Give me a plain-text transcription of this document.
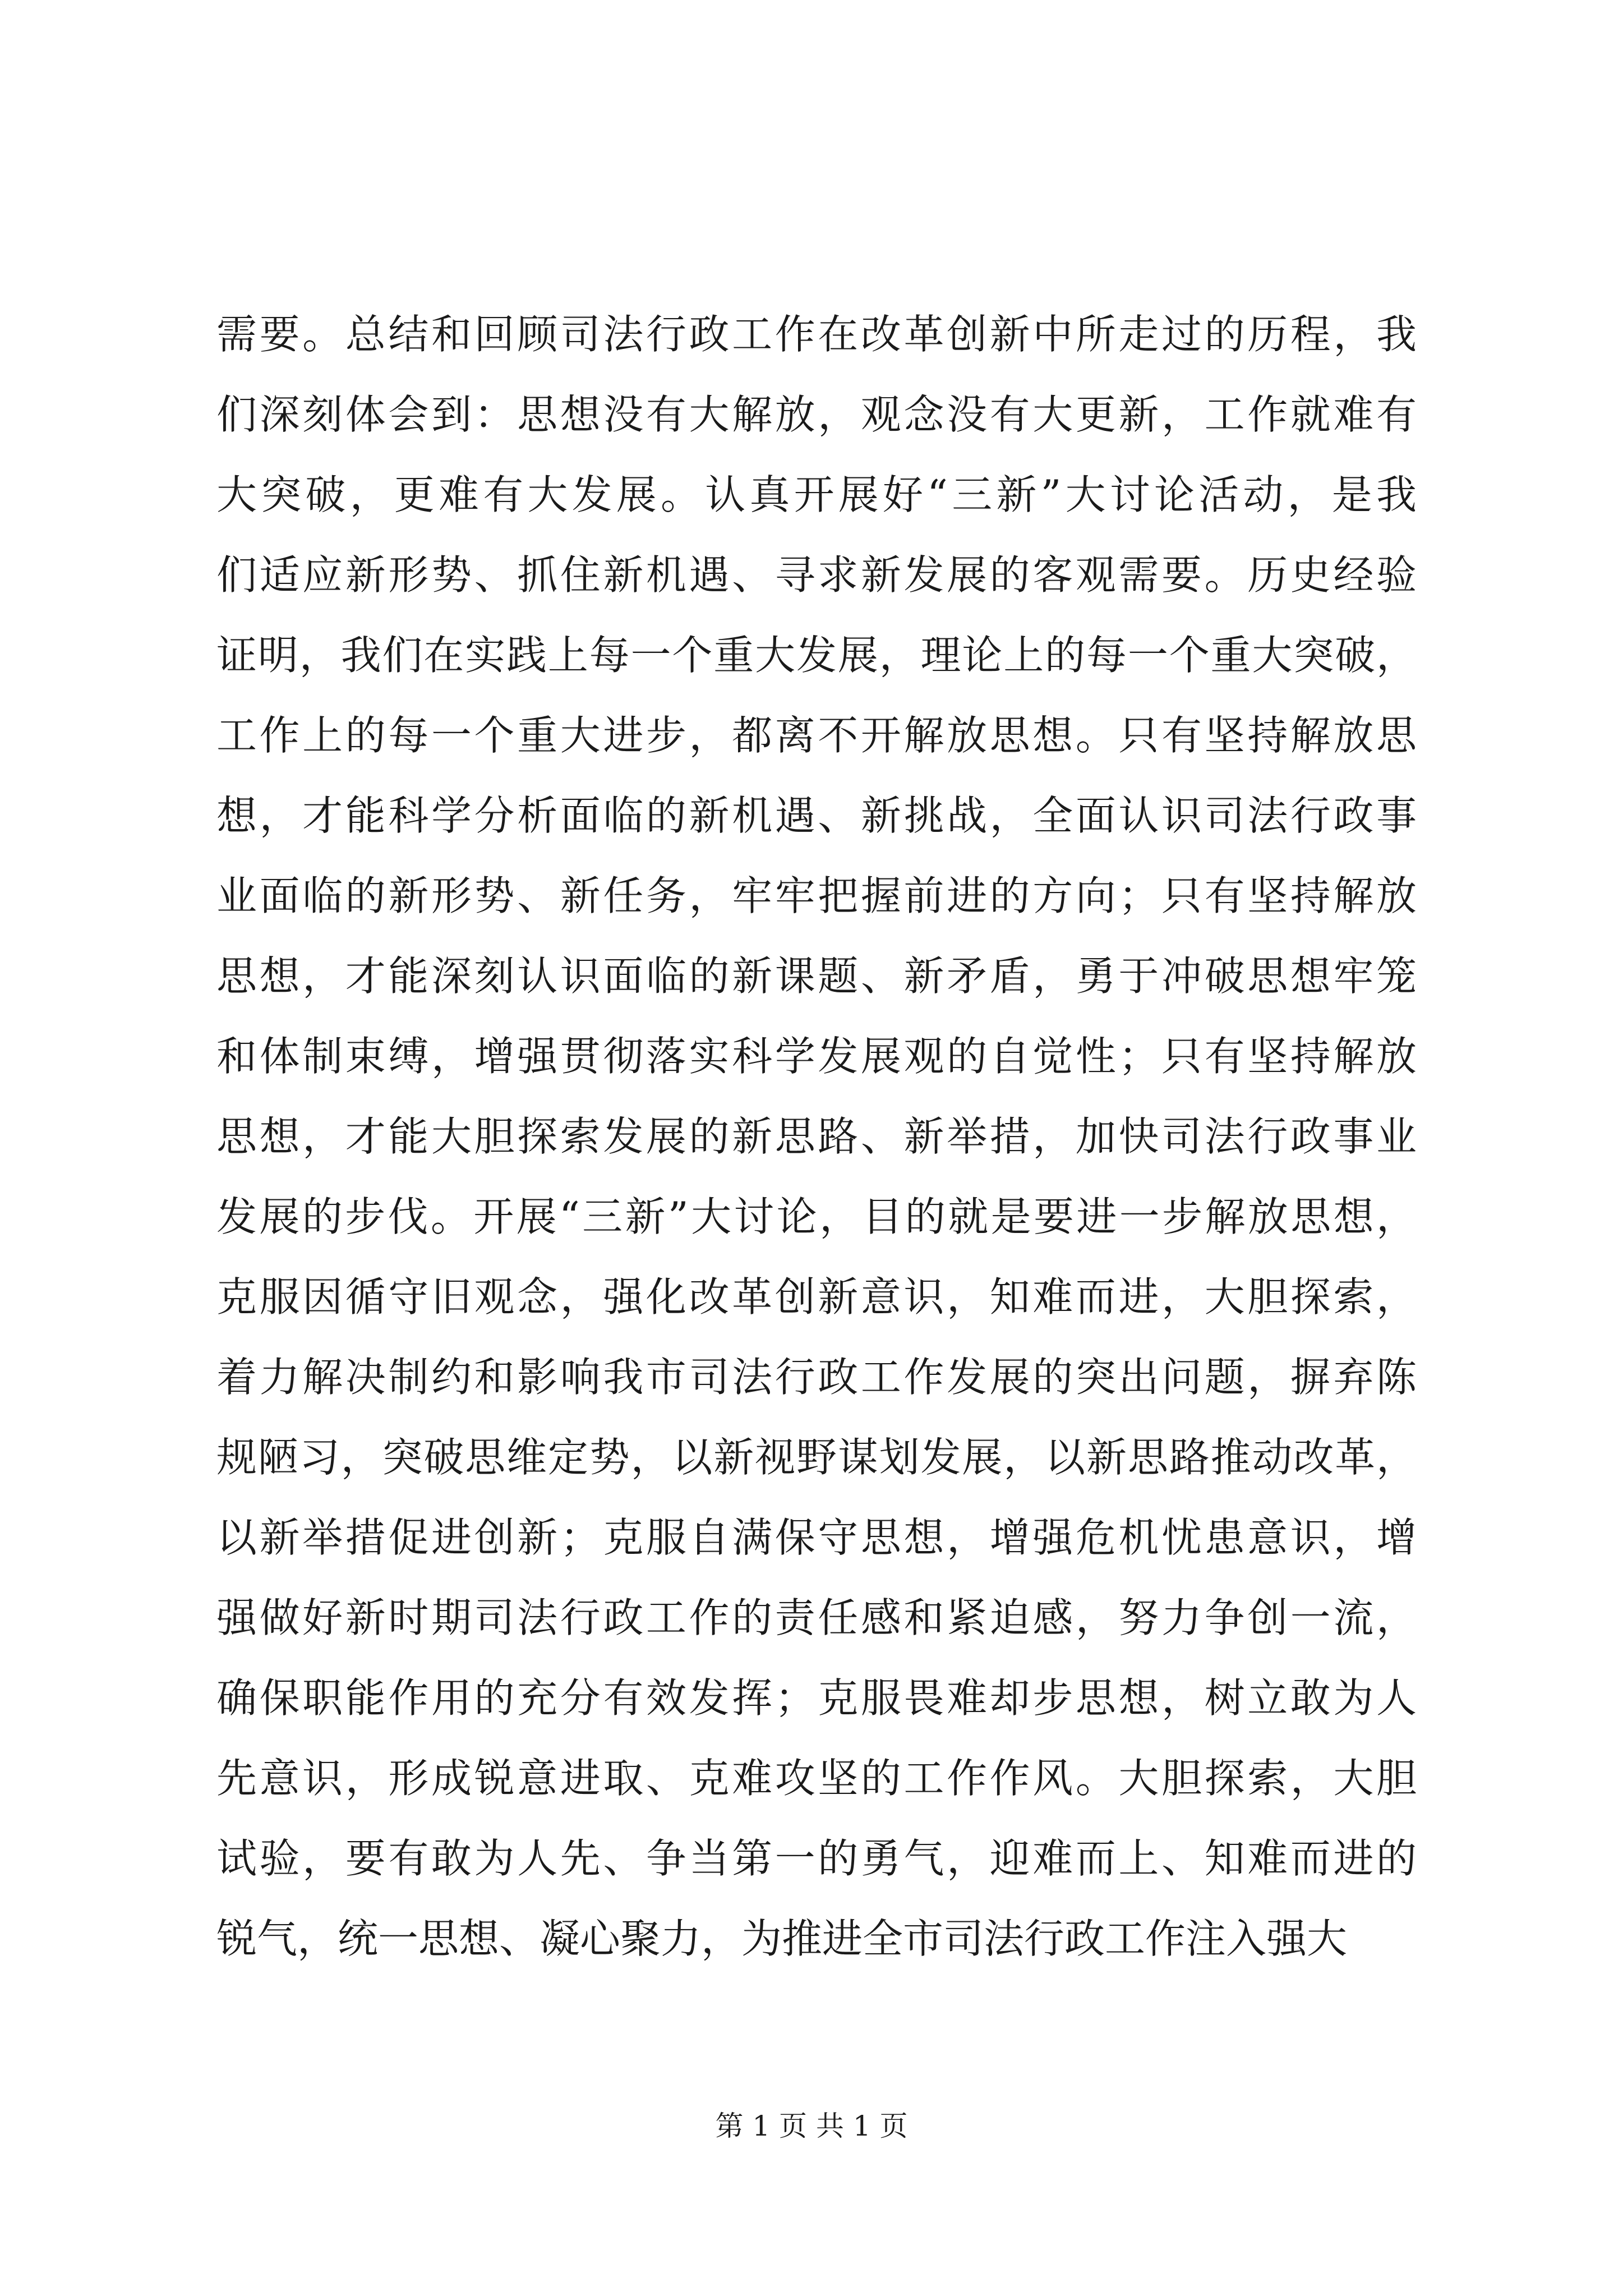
需要。总结和回顾司法行政工作在改革创新中所走过的历程，我
们深刻体会到：思想没有大解放，观念没有大更新，工作就难有
大突破，更难有大发展。认真开展好“三新”大讨论活动，是我
们适应新形势、抓住新机遇、寻求新发展的客观需要。历史经验
证明，我们在实践上每一个重大发展，理论上的每一个重大突破，
工作上的每一个重大进步，都离不开解放思想。只有坚持解放思
想，才能科学分析面临的新机遇、新挑战，全面认识司法行政事
业面临的新形势、新任务，牢牢把握前进的方向；只有坚持解放
思想，才能深刻认识面临的新课题、新矛盾，勇于冲破思想牢笼
和体制束缚，增强贯彻落实科学发展观的自觉性；只有坚持解放
思想，才能大胆探索发展的新思路、新举措，加快司法行政事业
发展的步伐。开展“三新”大讨论，目的就是要进一步解放思想，
克服因循守旧观念，强化改革创新意识，知难而进，大胆探索，
着力解决制约和影响我市司法行政工作发展的突出问题，摒弃陈
规陋习，突破思维定势，以新视野谋划发展，以新思路推动改革，
以新举措促进创新；克服自满保守思想，增强危机忧患意识，增
强做好新时期司法行政工作的责任感和紧迫感，努力争创一流，
确保职能作用的充分有效发挥；克服畏难却步思想，树立敢为人
先意识，形成锐意进取、克难攻坚的工作作风。大胆探索，大胆
试验，要有敢为人先、争当第一的勇气，迎难而上、知难而进的
锐气，统一思想、凝心聚力，为推进全市司法行政工作注入强大
第 1 页 共 1 页
